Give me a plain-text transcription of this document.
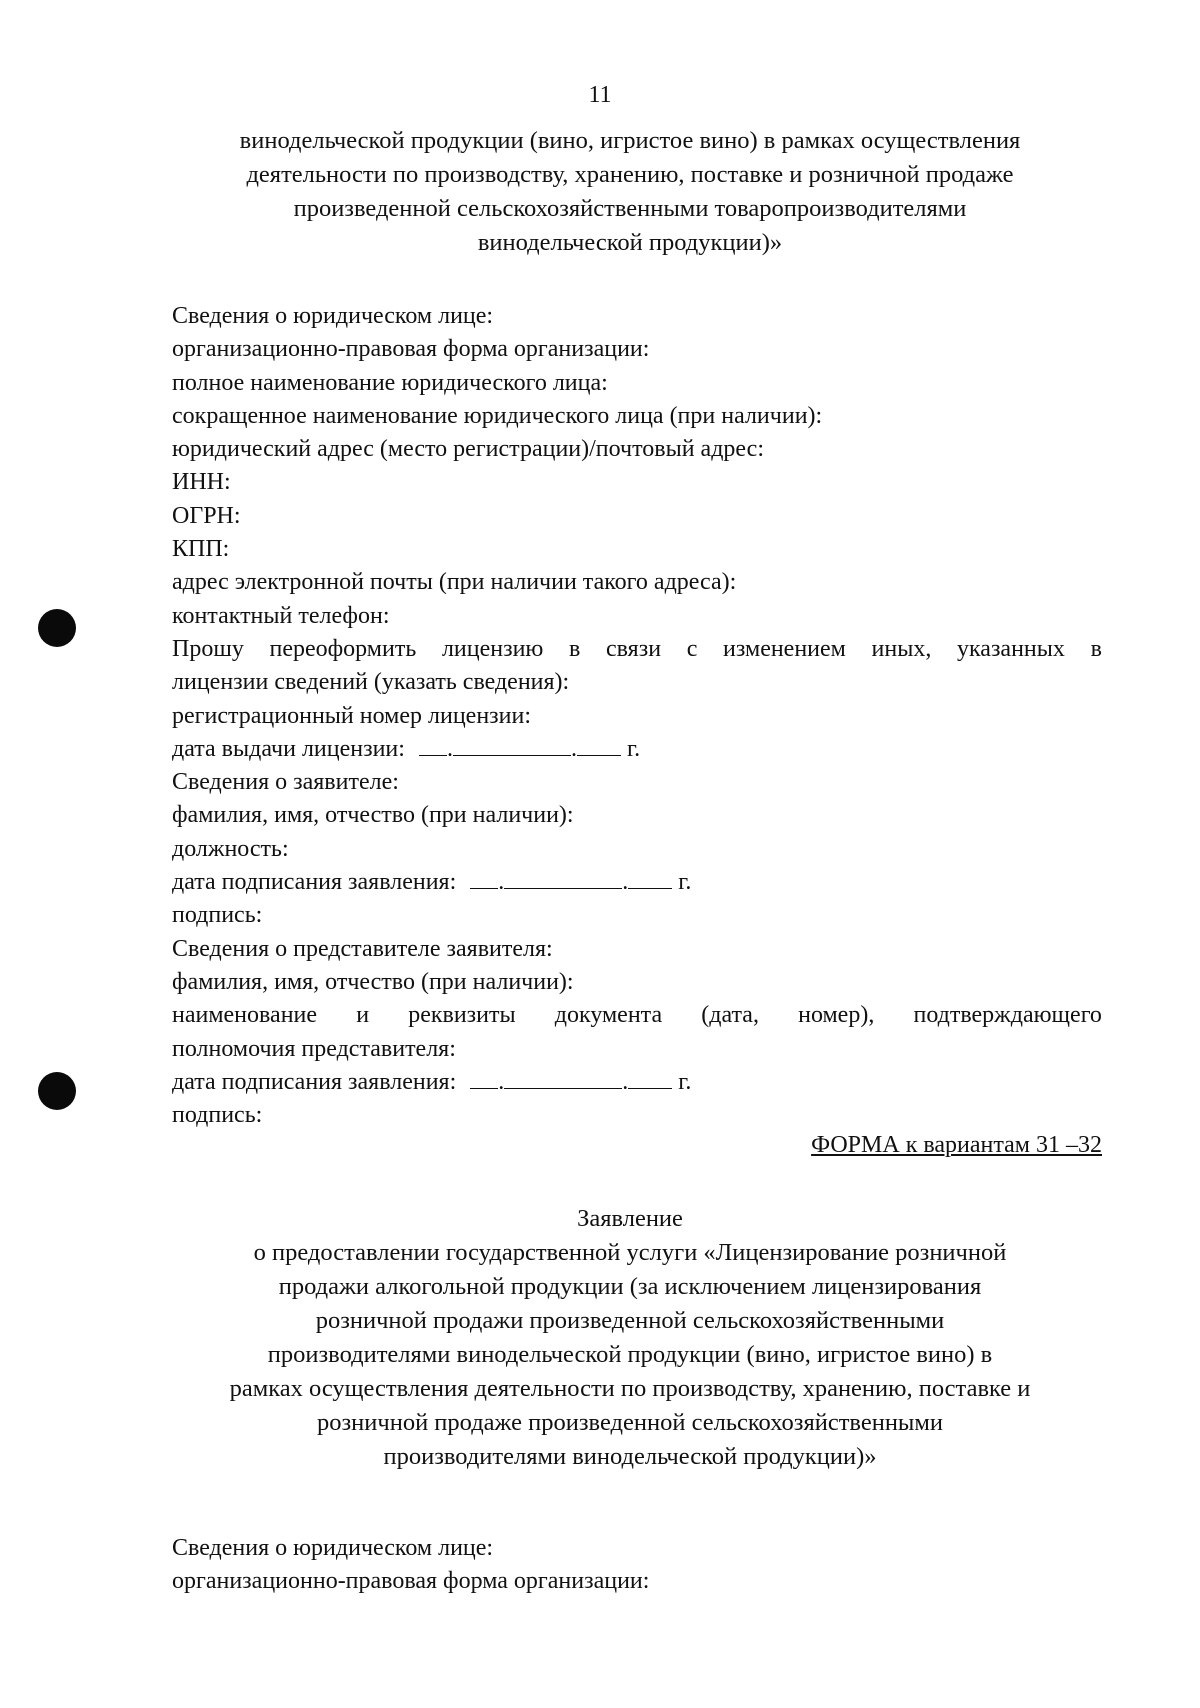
11
винодельческой продукции (вино, игристое вино) в рамках осуществления
деятельности по производству, хранению, поставке и розничной продаже
произведенной сельскохозяйственными товаропроизводителями
винодельческой продукции)»
Сведения о юридическом лице:
организационно-правовая форма организации:
полное наименование юридического лица:
сокращенное наименование юридического лица (при наличии):
юридический адрес (место регистрации)/почтовый адрес:
ИНН:
ОГРН:
КПП:
адрес электронной почты (при наличии такого адреса):
контактный телефон:
Прошу переоформить лицензию в связи с изменением иных, указанных в
лицензии сведений (указать сведения):
регистрационный номер лицензии:
дата выдачи лицензии: .	. г.
Сведения о заявителе:
фамилия, имя, отчество (при наличии):
должность:
дата подписания заявления: .	. г.
подпись:
Сведения о представителе заявителя:
фамилия, имя, отчество (при наличии):
наименование и реквизиты документа (дата, номер), подтверждающего
полномочия представителя:
дата подписания заявления: .	. г.
подпись:
ФОРМА к вариантам 31 –32
Заявление
о предоставлении государственной услуги «Лицензирование розничной
продажи алкогольной продукции (за исключением лицензирования
розничной продажи произведенной сельскохозяйственными
производителями винодельческой продукции (вино, игристое вино) в
рамках осуществления деятельности по производству, хранению, поставке и
розничной продаже произведенной сельскохозяйственными
производителями винодельческой продукции)»
Сведения о юридическом лице:
организационно-правовая форма организации:
